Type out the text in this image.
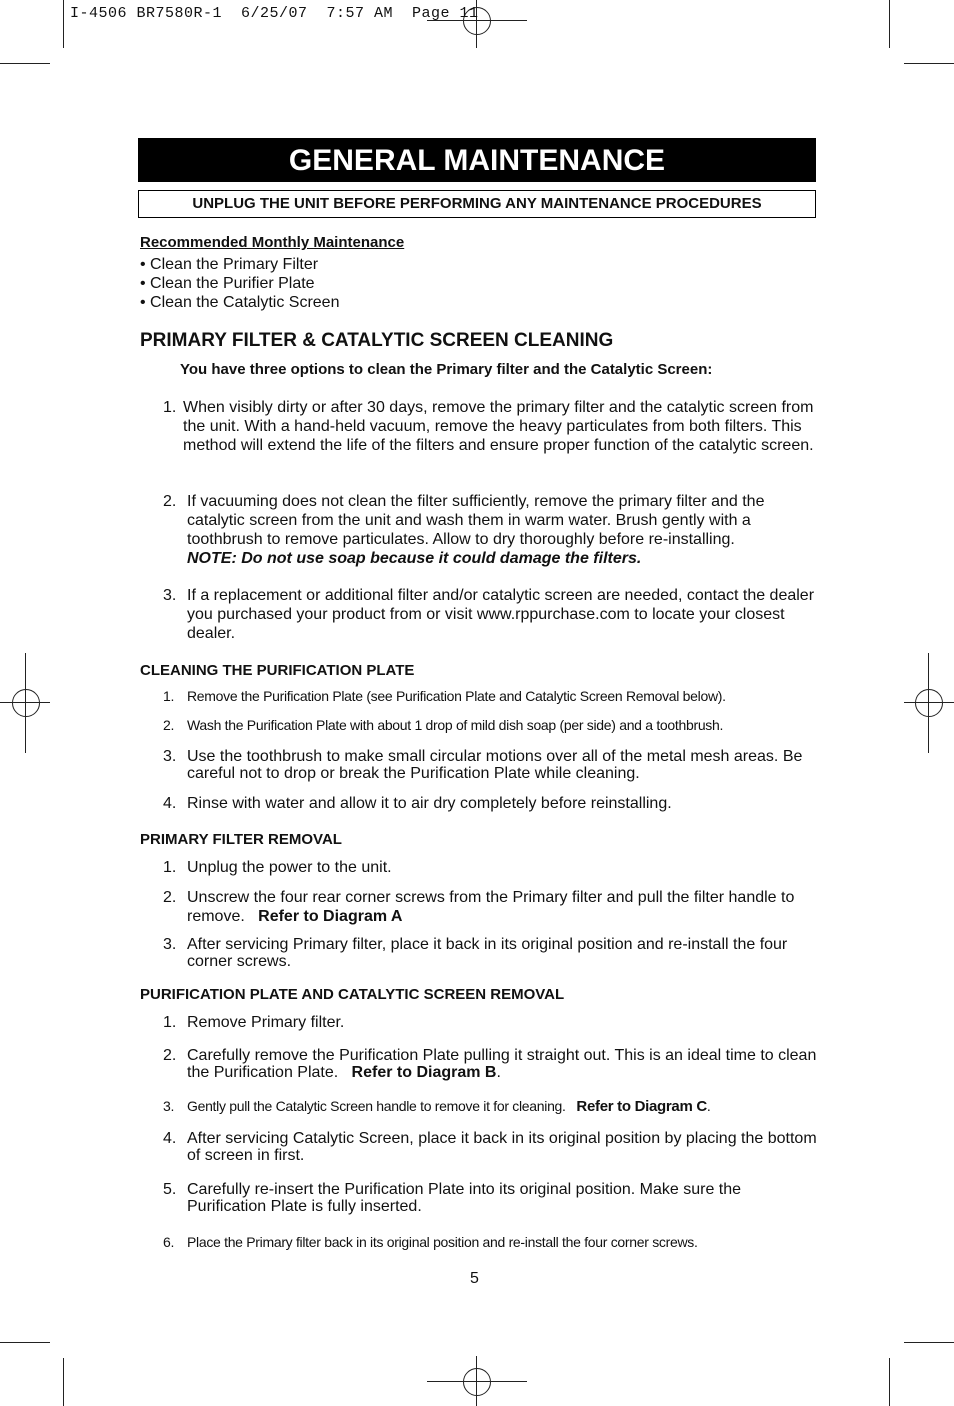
I-4506 BR7580R-1  6/25/07  7:57 AM  Page 11
GENERAL MAINTENANCE
UNPLUG THE UNIT BEFORE PERFORMING ANY MAINTENANCE PROCEDURES
Recommended Monthly Maintenance
• Clean the Primary Filter
• Clean the Purifier Plate
• Clean the Catalytic Screen
PRIMARY FILTER & CATALYTIC SCREEN CLEANING
You have three options to clean the Primary filter and the Catalytic Screen:
1. When visibly dirty or after 30 days, remove the primary filter and the catalytic screen from the unit. With a hand-held vacuum, remove the heavy particulates from both filters. This method will extend the life of the filters and ensure proper function of the catalytic screen.
2. If vacuuming does not clean the filter sufficiently, remove the primary filter and the catalytic screen from the unit and wash them in warm water. Brush gently with a toothbrush to remove particulates. Allow to dry thoroughly before re-installing.
NOTE: Do not use soap because it could damage the filters.
3. If a replacement or additional filter and/or catalytic screen are needed, contact the dealer you purchased your product from or visit www.rppurchase.com to locate your closest dealer.
CLEANING THE PURIFICATION PLATE
1. Remove the Purification Plate (see Purification Plate and Catalytic Screen Removal below).
2. Wash the Purification Plate with about 1 drop of mild dish soap (per side) and a toothbrush.
3. Use the toothbrush to make small circular motions over all of the metal mesh areas. Be careful not to drop or break the Purification Plate while cleaning.
4. Rinse with water and allow it to air dry completely before reinstalling.
PRIMARY FILTER REMOVAL
1. Unplug the power to the unit.
2. Unscrew the four rear corner screws from the Primary filter and pull the filter handle to remove. Refer to Diagram A
3. After servicing Primary filter, place it back in its original position and re-install the four corner screws.
PURIFICATION PLATE AND CATALYTIC SCREEN REMOVAL
1. Remove Primary filter.
2. Carefully remove the Purification Plate pulling it straight out. This is an ideal time to clean the Purification Plate. Refer to Diagram B.
3. Gently pull the Catalytic Screen handle to remove it for cleaning. Refer to Diagram C.
4. After servicing Catalytic Screen, place it back in its original position by placing the bottom of screen in first.
5. Carefully re-insert the Purification Plate into its original position. Make sure the Purification Plate is fully inserted.
6. Place the Primary filter back in its original position and re-install the four corner screws.
5
